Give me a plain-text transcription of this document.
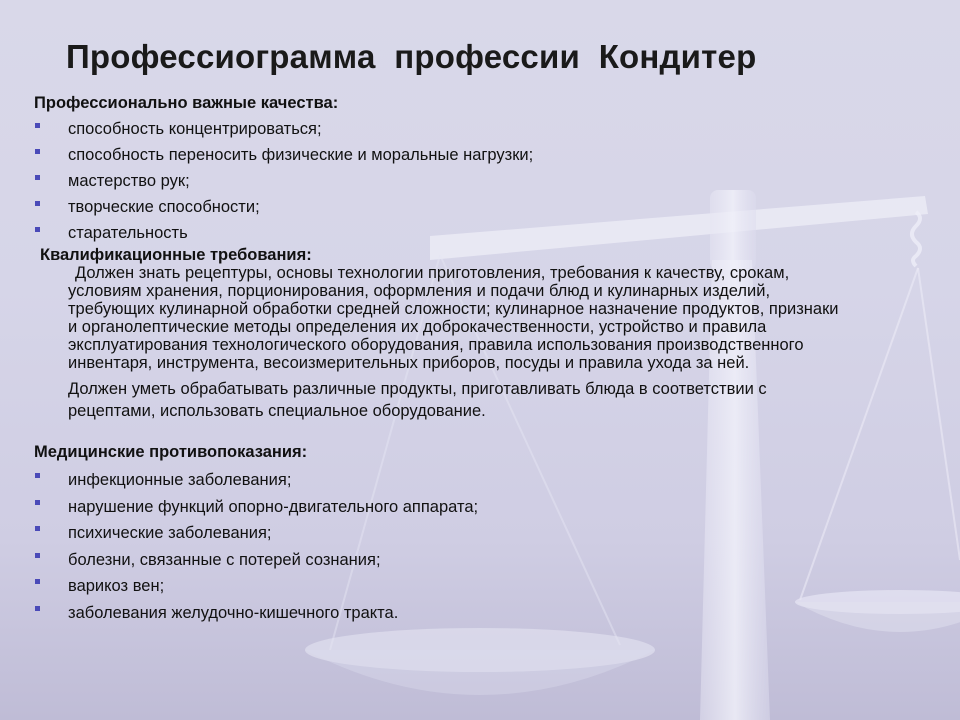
Профессиограмма  профессии  Кондитер

Профессионально важные качества:

способность концентрироваться;
способность переносить физические и моральные нагрузки;
мастерство рук;
творческие способности;
старательность

Квалификационные требования:

Должен знать рецептуры, основы технологии приготовления, требования к качеству, срокам,

условиям хранения, порционирования, оформления и подачи блюд и кулинарных изделий,

требующих кулинарной обработки средней сложности; кулинарное назначение продуктов, признаки

и органолептические методы определения их доброкачественности, устройство и правила

эксплуатирования технологического оборудования, правила использования производственного

инвентаря, инструмента, весоизмерительных приборов, посуды и правила ухода за ней.

Должен уметь обрабатывать различные продукты, приготавливать блюда в соответствии с

рецептами, использовать специальное оборудование.

Медицинские противопоказания:

инфекционные заболевания;
нарушение функций опорно-двигательного аппарата;
психические заболевания;
болезни, связанные с потерей сознания;
варикоз вен;
заболевания желудочно-кишечного тракта.
